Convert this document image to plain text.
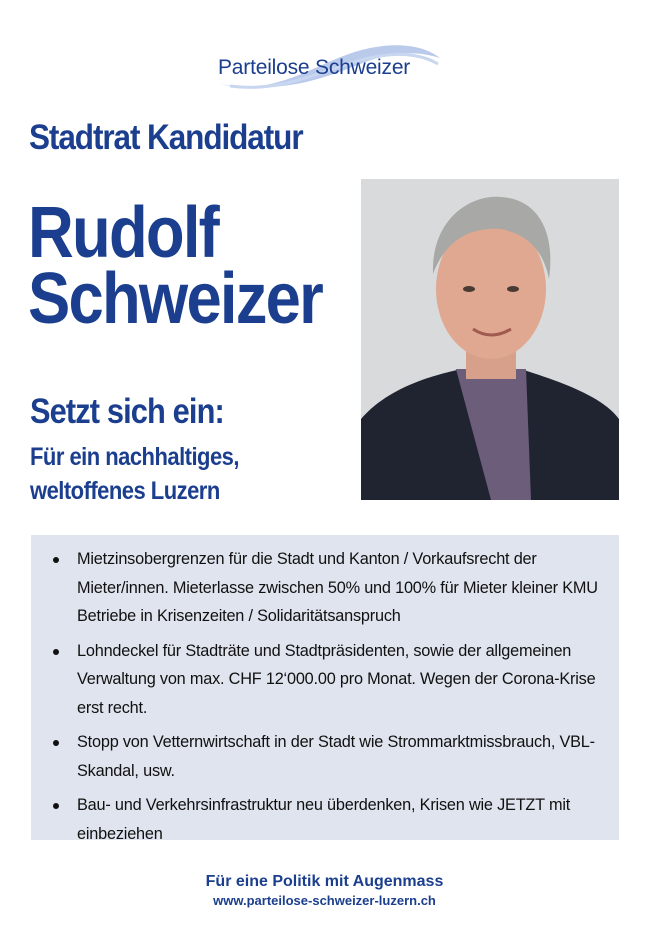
Parteilose Schweizer
Stadtrat Kandidatur
Rudolf
Schweizer
Setzt sich ein:
Für ein nachhaltiges,
weltoffenes Luzern
Mietzinsobergrenzen für die Stadt und Kanton / Vorkaufsrecht der Mieter/innen. Mieterlasse zwischen 50% und 100% für Mieter kleiner KMU Betriebe in Krisenzeiten / Solidaritätsanspruch
Lohndeckel für Stadträte und Stadtpräsidenten, sowie der allgemeinen Verwaltung von max. CHF 12‘000.00 pro Monat. Wegen der Corona-Krise erst recht.
Stopp von Vetternwirtschaft in der Stadt wie Strommarktmissbrauch, VBL-Skandal, usw.
Bau- und Verkehrsinfrastruktur neu überdenken, Krisen wie JETZT mit einbeziehen
Für eine Politik mit Augenmass
www.parteilose-schweizer-luzern.ch
